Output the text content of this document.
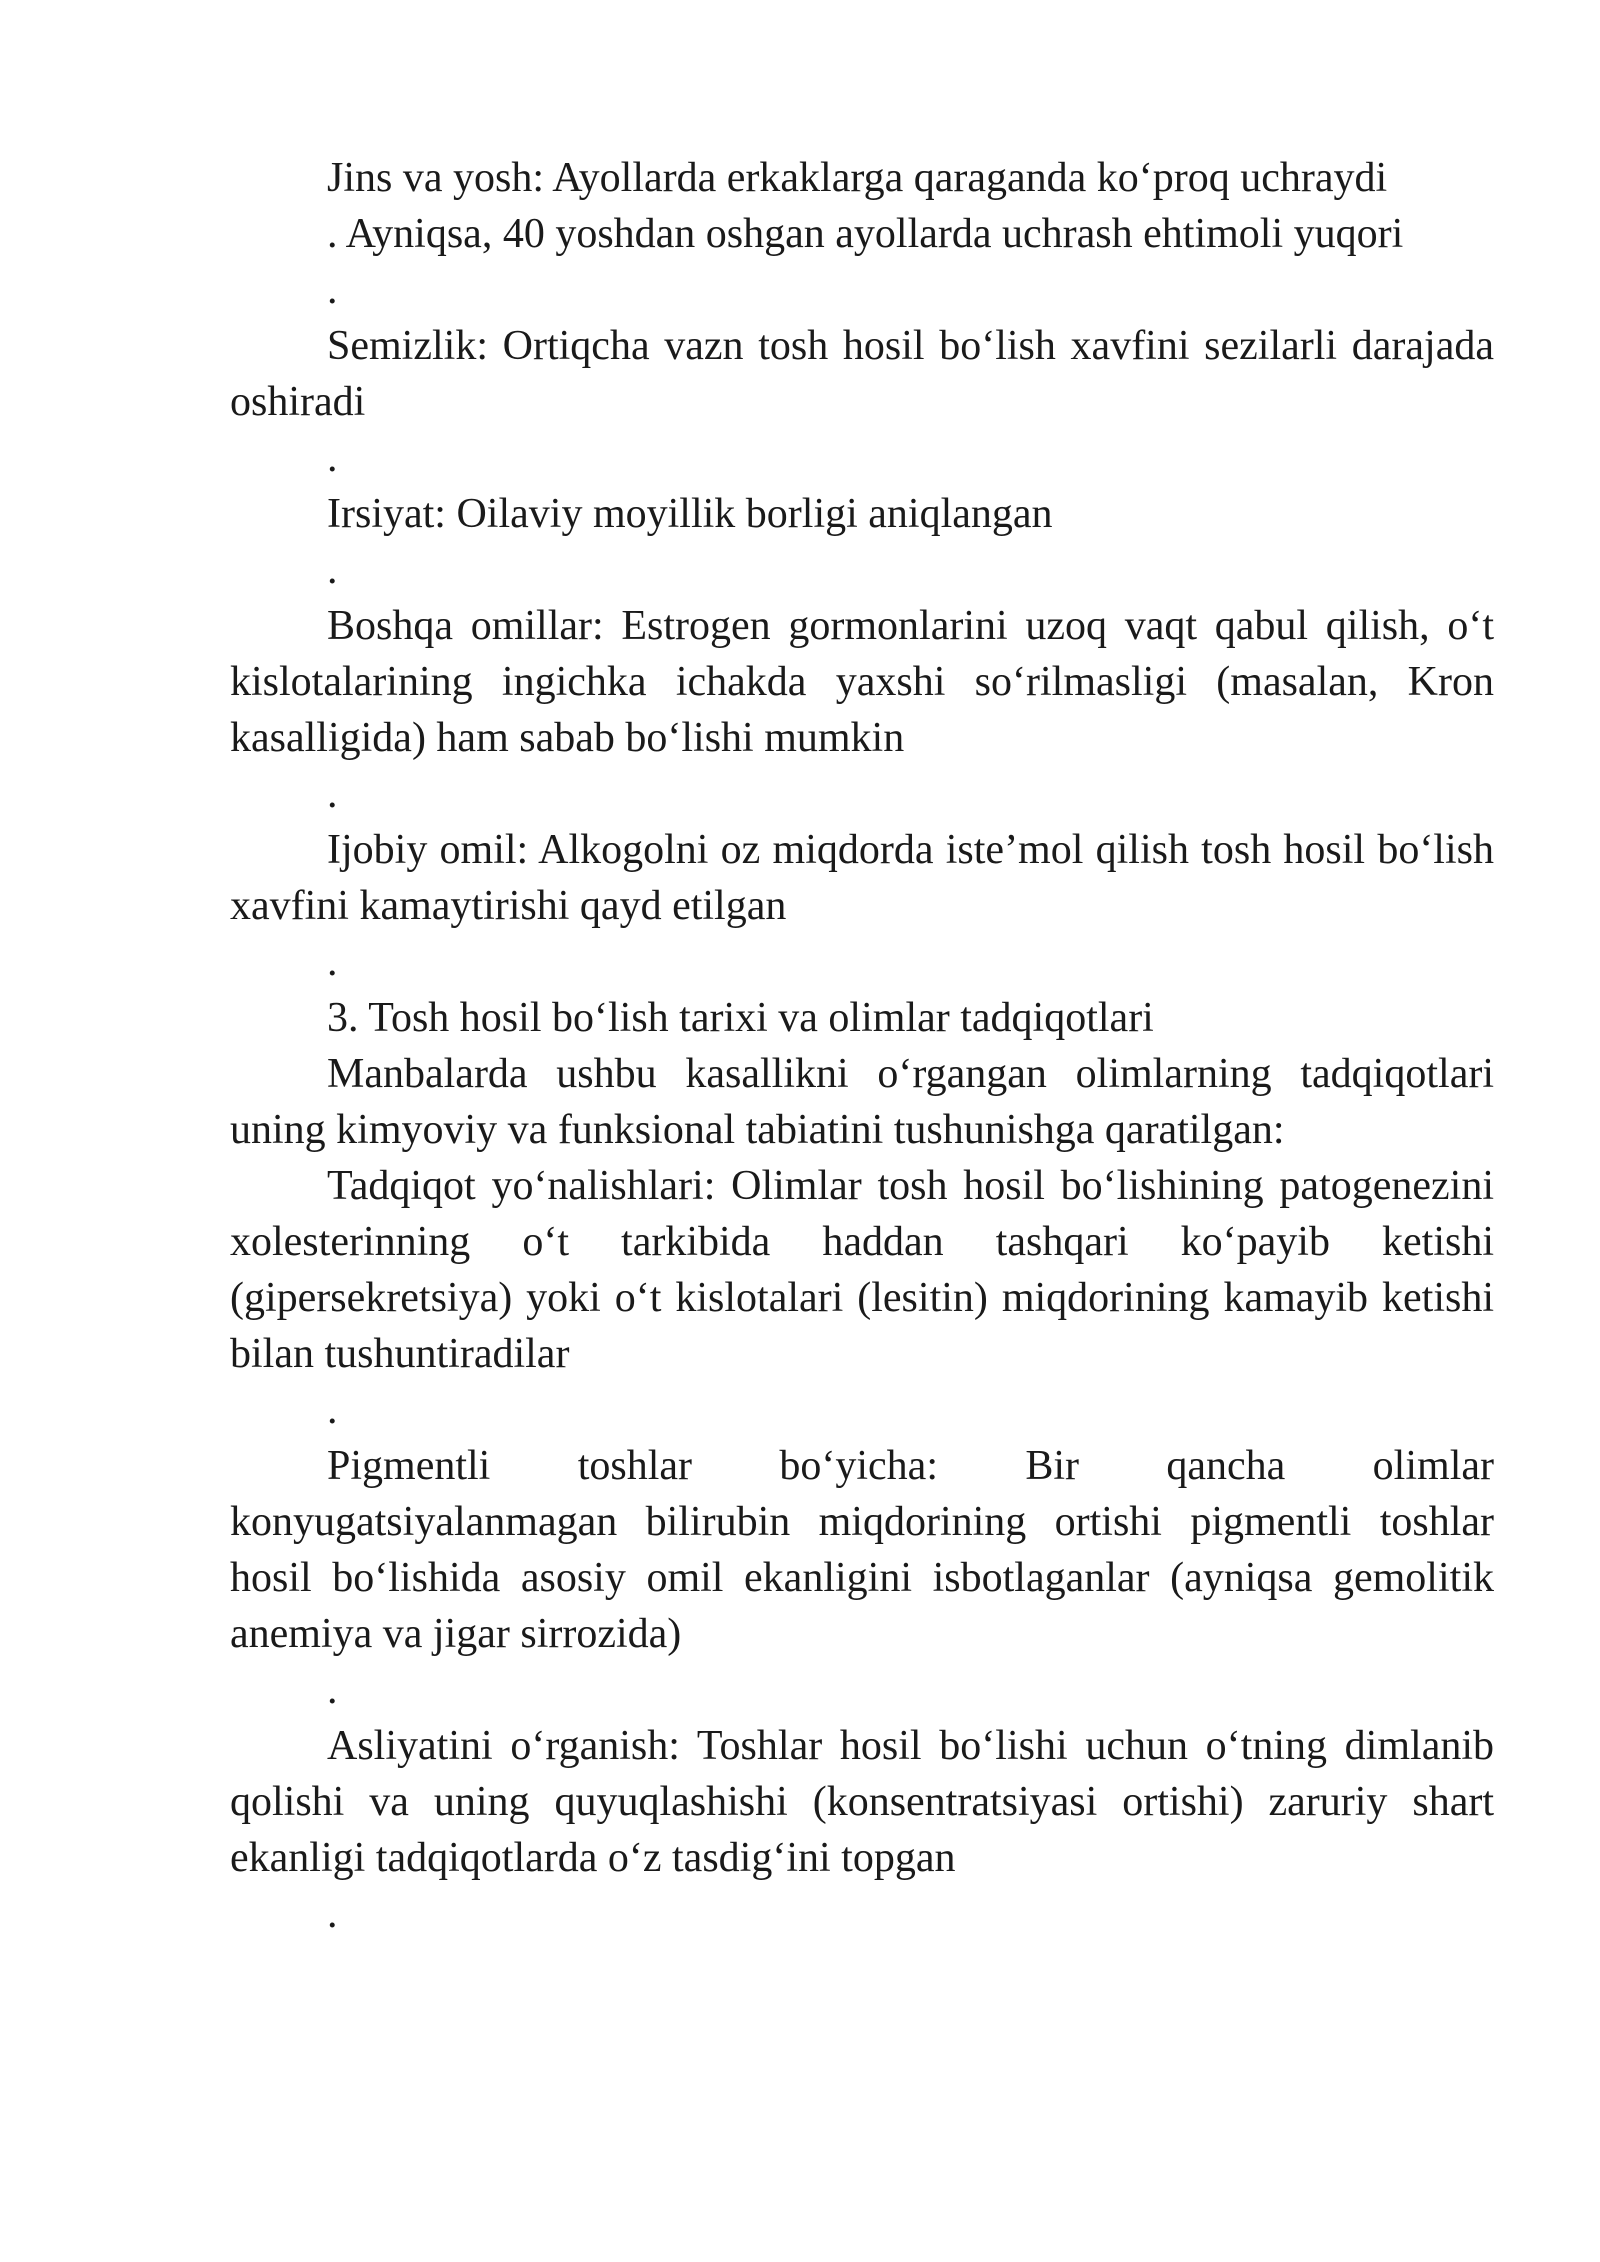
Jins va yosh: Ayollarda erkaklarga qaraganda ko‘proq uchraydi

. Ayniqsa, 40 yoshdan oshgan ayollarda uchrash ehtimoli yuqori

.

Semizlik: Ortiqcha vazn tosh hosil bo‘lish xavfini sezilarli darajada oshiradi

.

Irsiyat: Oilaviy moyillik borligi aniqlangan

.

Boshqa omillar: Estrogen gormonlarini uzoq vaqt qabul qilish, o‘t kislotalarining ingichka ichakda yaxshi so‘rilmasligi (masalan, Kron kasalligida) ham sabab bo‘lishi mumkin

.

Ijobiy omil: Alkogolni oz miqdorda iste’mol qilish tosh hosil bo‘lish xavfini kamaytirishi qayd etilgan

.

3. Tosh hosil bo‘lish tarixi va olimlar tadqiqotlari

Manbalarda ushbu kasallikni o‘rgangan olimlarning tadqiqotlari uning kimyoviy va funksional tabiatini tushunishga qaratilgan:

Tadqiqot yo‘nalishlari: Olimlar tosh hosil bo‘lishining patogenezini xolesterinning o‘t tarkibida haddan tashqari ko‘payib ketishi (gipersekretsiya) yoki o‘t kislotalari (lesitin) miqdorining kamayib ketishi bilan tushuntiradilar

.

Pigmentli toshlar bo‘yicha: Bir qancha olimlar konyugatsiyalanmagan bilirubin miqdorining ortishi pigmentli toshlar hosil bo‘lishida asosiy omil ekanligini isbotlaganlar (ayniqsa gemolitik anemiya va jigar sirrozida)

.

Asliyatini o‘rganish: Toshlar hosil bo‘lishi uchun o‘tning dimlanib qolishi va uning quyuqlashishi (konsentratsiyasi ortishi) zaruriy shart ekanligi tadqiqotlarda o‘z tasdig‘ini topgan

.
